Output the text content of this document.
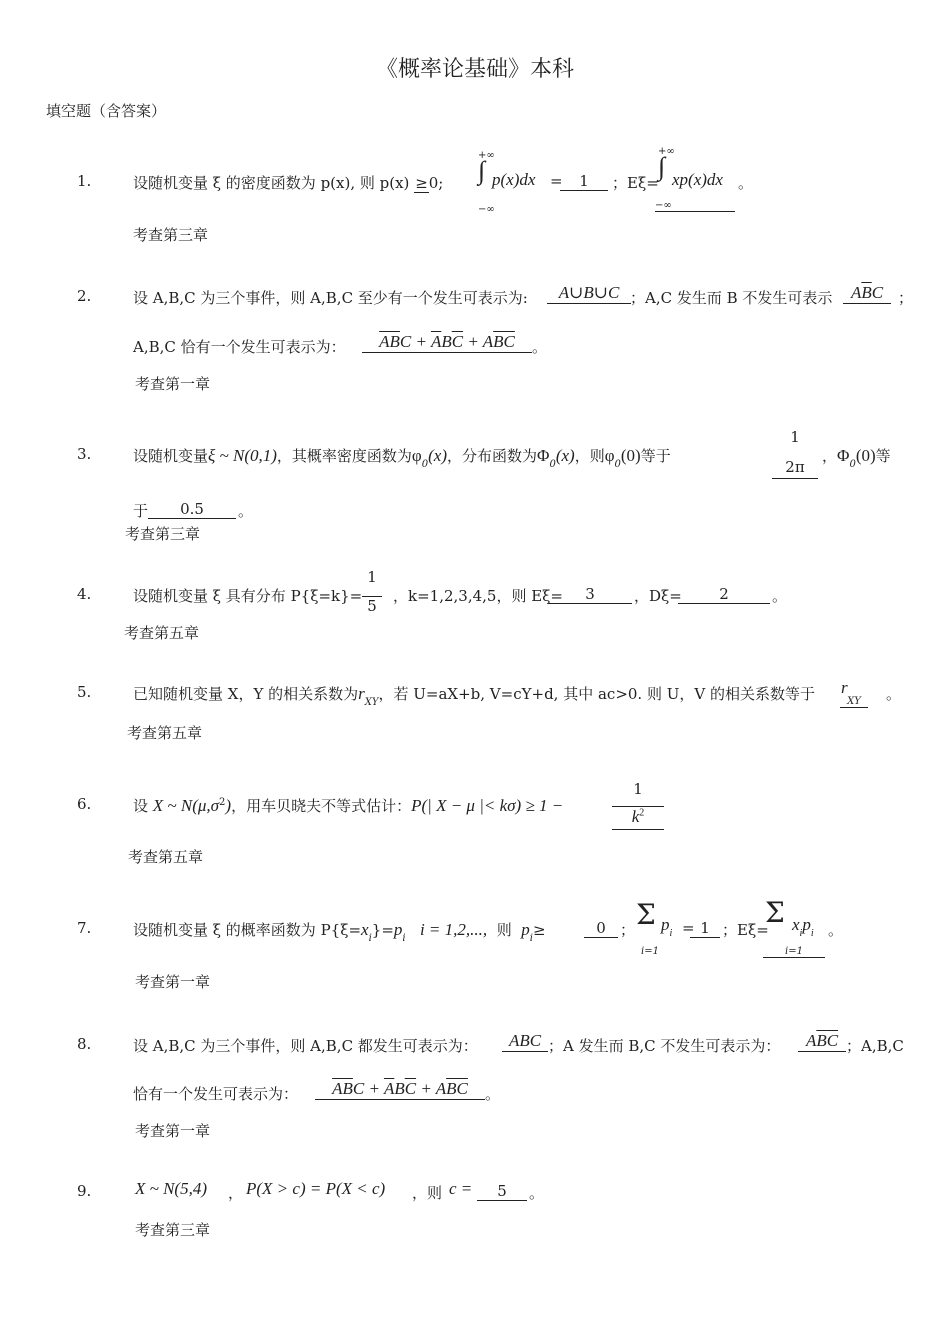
《概率论基础》本科
填空题（含答案）
1.	设随机变量 ξ 的密度函数为 p(x), 则 p(x) ≥0; ∫
+∞
−∞
p(x)dx =	1	；Eξ=
∫
+∞
xp(x)dx 。
−∞
考查第三章
2.	设 A,B,C 为三个事件，则 A,B,C 至少有一个发生可表示为:	A∪B∪C ；A,C 发生而 B 不发生可表示	$A\overline{B}C$ ；
A,B,C 恰有一个发生可表示为：	$\overline{A}\overline{B}C + \overline{A}B\overline{C} + A\overline{B}\overline{C}$	。
考查第一章
3.	设随机变量ξ ~ N(0,1)，其概率密度函数为$\varphi_0(x)$，分布函数为$\Phi_0(x)$，则$\varphi_0(0)$等于
1
2π
，$\Phi_0(0)$等
于	0.5	。
考查第三章
4.	设随机变量 ξ 具有分布 P{ξ=k}=
1
5
，k=1,2,3,4,5，则 Eξ=	3	，Dξ=	2	。
考查第五章
5.	已知随机变量 X，Y 的相关系数为$r_{XY}$，若 U=aX+b, V=cY+d, 其中 ac>0. 则 U，V 的相关系数等于 r
XY	。
考查第五章
6.	设 X ~ $N(\mu,\sigma^2)$，用车贝晓夫不等式估计：P(| X − μ |< kσ) ≥ 1 −
1
$k^2$
考查第五章
7.	设随机变量 ξ 的概率函数为 $P\{\xi=x_i\}=p_i$ i = 1,2,..., 则 $p_i\ge$	0 ； Σ
i=1
$p_i = 1$ ；Eξ=
Σ
i=1
$x_ip_i$ 。
考查第一章
8.	设 A,B,C 为三个事件，则 A,B,C 都发生可表示为：	ABC ；A 发生而 B,C 不发生可表示为：	$A\overline{B}\overline{C}$ ；A,B,C
恰有一个发生可表示为：	$\overline{A}\overline{B}C + \overline{A}B\overline{C} + A\overline{B}\overline{C}$	。
考查第一章
9.	X ~ N(5,4) ， P(X > c) = P(X < c) ，则 c =	5	。
考查第三章
